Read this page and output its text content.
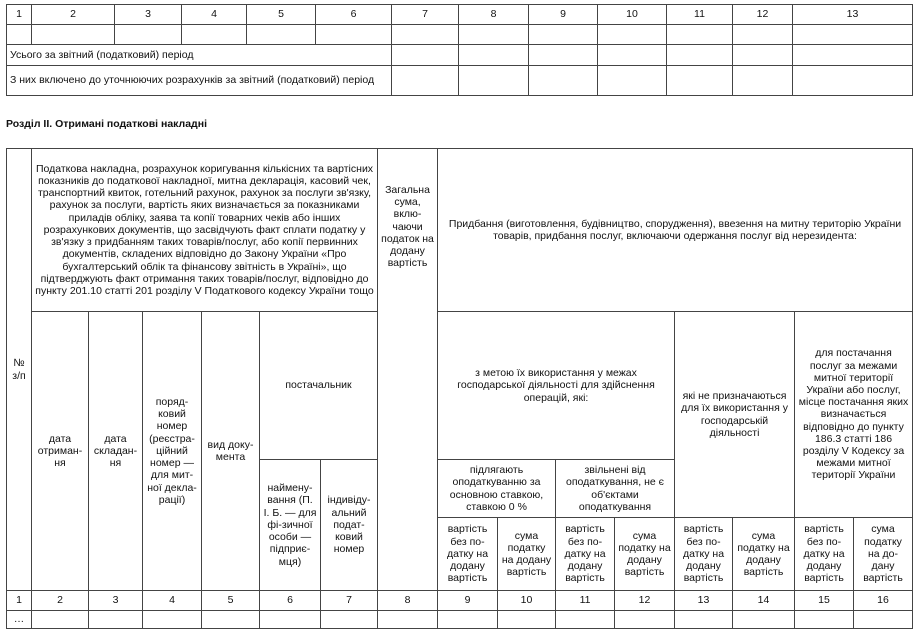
1	2	3	4	5	6	7	8	9	10	11	12	13

Усього за звітний (податковий) період												
З них включено до уточнюючих розрахунків за звітний (податковий) період												
Розділ ІІ. Отримані податкові накладні
№ з/п	Податкова накладна, розрахунок коригування кількісних та вартісних показників до податкової накладної, митна декларація, касовий чек, транспортний квиток, готельний рахунок, рахунок за послуги зв'язку, рахунок за послуги, вартість яких визначається за показниками приладів обліку, заява та копії товарних чеків або інших розрахункових документів, що засвідчують факт сплати податку у зв'язку з придбанням таких товарів/послуг, або копії первинних документів, складених відповідно до Закону України «Про бухгалтерський облік та фінансову звітність в Україні», що підтверджують факт отримання таких товарів/послуг, відповідно до пункту 201.10 статті 201 розділу V Податкового кодексу України тощо						Загальна сума, вклю-чаючи податок на додану вартість	Придбання (виготовлення, будівництво, спорудження), ввезення на митну територію України товарів, придбання послуг, включаючи одержання послуг від нерезидента:							
	дата отриман-ня	дата складан-ня	поряд-ковий номер (реєстра-ційний номер — для мит-ної декла-рації)	вид доку-мента	постачальник			з метою їх використання у межах господарської діяльності для здійснення операцій, які:				які не призначаються для їх використання у господарській діяльності		для постачання послуг за межами митної території України або послуг, місце постачання яких визначається відповідно до пункту 186.3 статті 186 розділу V Кодексу за межами митної території України	
					наймену-вання (П. І. Б. — для фі-зичної особи — підприє-мця)	індивіду-альний подат-ковий номер		підлягають оподаткуванню за основною ставкою, ставкою 0 %		звільнені від оподаткування, не є об'єктами оподаткування					
								вартість без по-датку на додану вартість	сума податку на додану вартість	вартість без по-датку на додану вартість	сума податку на додану вартість	вартість без по-датку на додану вартість	сума податку на додану вартість	вартість без по-датку на додану вартість	сума податку на до-дану вартість

1	2	3	4	5	6	7	8	9	10	11	12	13	14	15	16
…															
